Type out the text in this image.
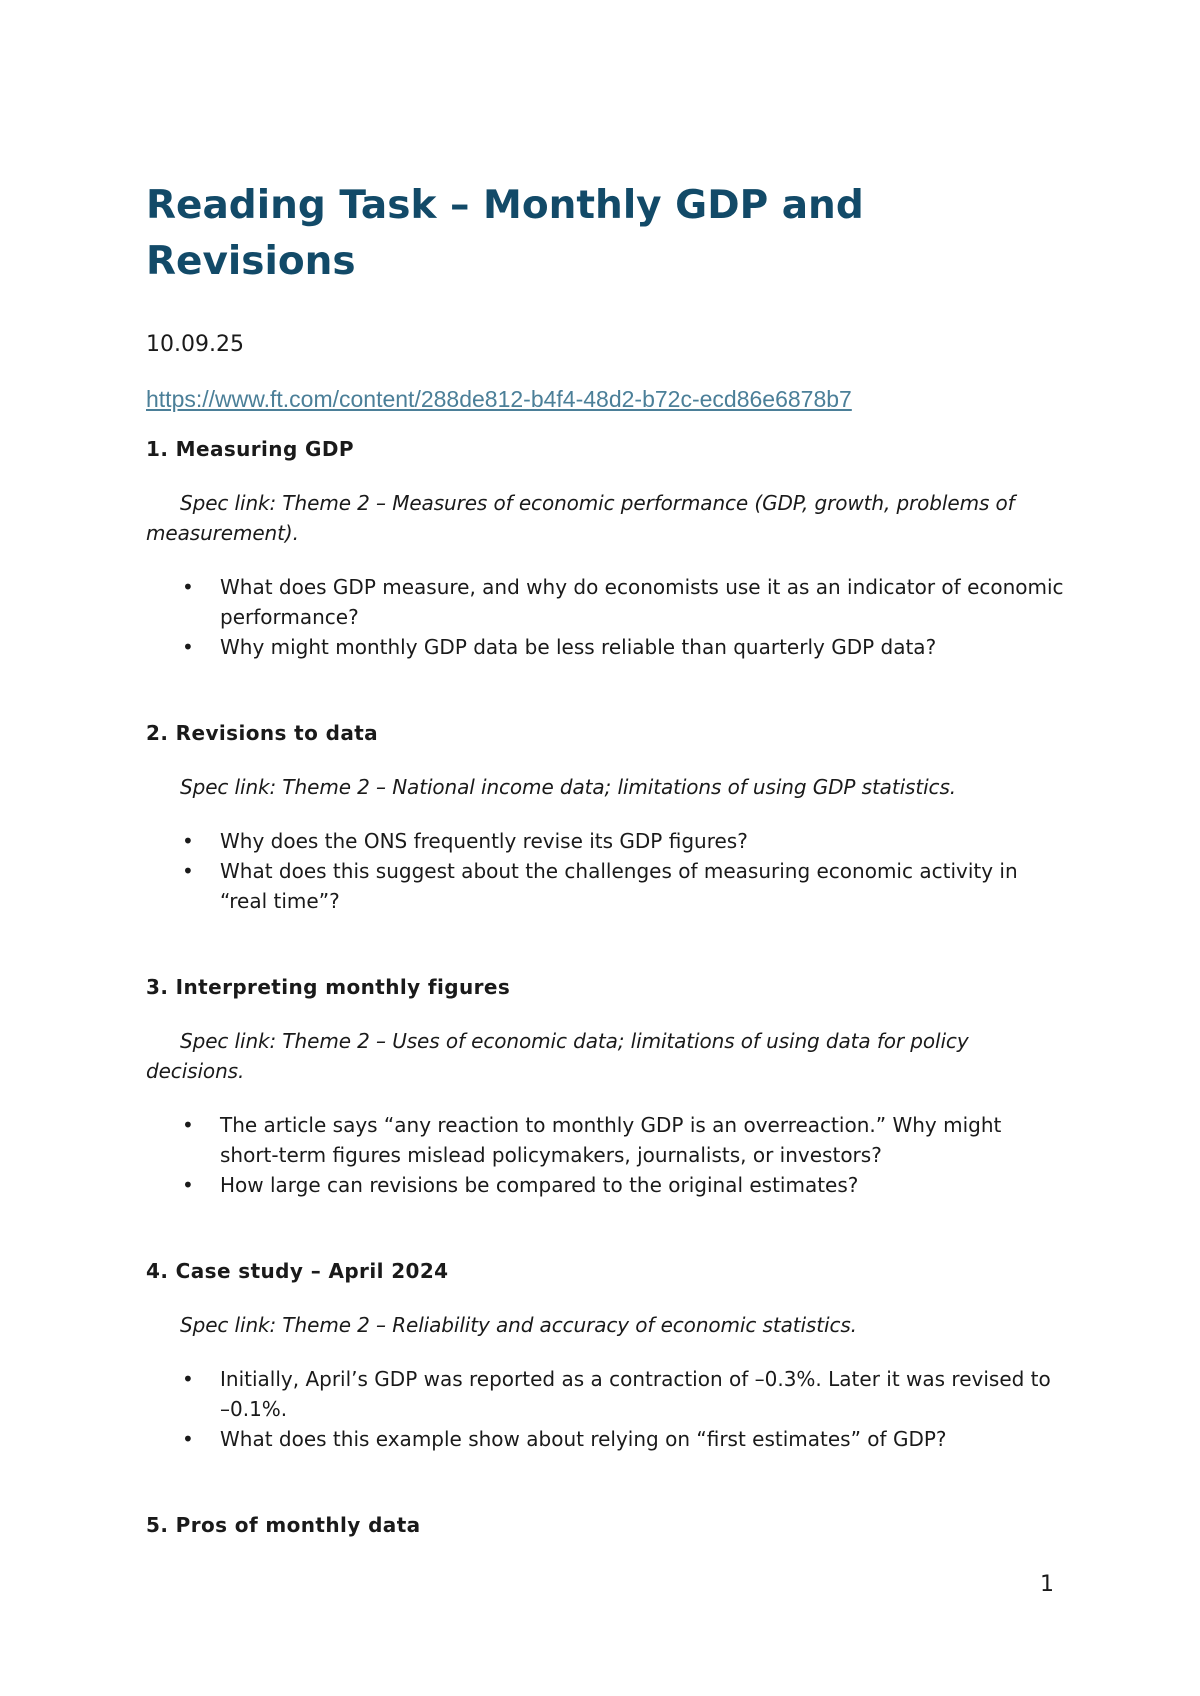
Reading Task – Monthly GDP and Revisions
10.09.25
https://www.ft.com/content/288de812-b4f4-48d2-b72c-ecd86e6878b7
1. Measuring GDP

Spec link: Theme 2 – Measures of economic performance (GDP, growth, problems of measurement).

•	What does GDP measure, and why do economists use it as an indicator of economic performance?
•	Why might monthly GDP data be less reliable than quarterly GDP data?
2. Revisions to data

Spec link: Theme 2 – National income data; limitations of using GDP statistics.

•	Why does the ONS frequently revise its GDP figures?
•	What does this suggest about the challenges of measuring economic activity in “real time”?
3. Interpreting monthly figures

Spec link: Theme 2 – Uses of economic data; limitations of using data for policy decisions.

•	The article says “any reaction to monthly GDP is an overreaction.” Why might short-term figures mislead policymakers, journalists, or investors?
•	How large can revisions be compared to the original estimates?
4. Case study – April 2024

Spec link: Theme 2 – Reliability and accuracy of economic statistics.

•	Initially, April’s GDP was reported as a contraction of –0.3%. Later it was revised to –0.1%.
•	What does this example show about relying on “first estimates” of GDP?
5. Pros of monthly data
1
